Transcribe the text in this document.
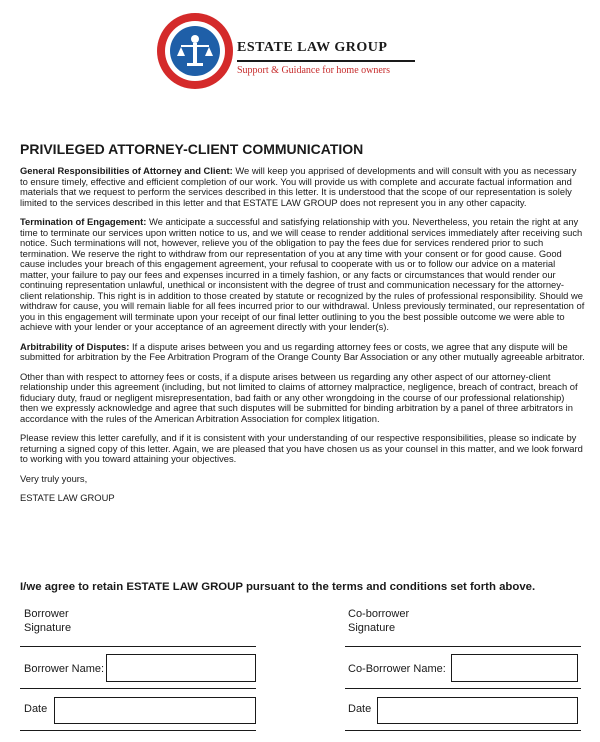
ESTATE LAW GROUP
Support & Guidance for home owners
PRIVILEGED ATTORNEY-CLIENT COMMUNICATION

General Responsibilities of Attorney and Client: We will keep you apprised of developments and will consult with you as necessary to ensure timely, effective and efficient completion of our work. You will provide us with complete and accurate factual information and materials that we request to perform the services described in this letter. It is understood that the scope of our representation is solely limited to the services described in this letter and that ESTATE LAW GROUP does not represent you in any other capacity.

Termination of Engagement: We anticipate a successful and satisfying relationship with you. Nevertheless, you retain the right at any time to terminate our services upon written notice to us, and we will cease to render additional services immediately after receiving such notice. Such terminations will not, however, relieve you of the obligation to pay the fees due for services rendered prior to such termination. We reserve the right to withdraw from our representation of you at any time with your consent or for good cause. Good cause includes your breach of this engagement agreement, your refusal to cooperate with us or to follow our advice on a material matter, your failure to pay our fees and expenses incurred in a timely fashion, or any facts or circumstances that would render our continuing representation unlawful, unethical or inconsistent with the degree of trust and communication necessary for the attorney-client relationship. This right is in addition to those created by statute or recognized by the rules of professional responsibility. Should we withdraw for cause, you will remain liable for all fees incurred prior to our withdrawal. Unless previously terminated, our representation of you in this engagement will terminate upon your receipt of our final letter outlining to you the best possible outcome we were able to achieve with your lender or your acceptance of an agreement directly with your lender(s).

Arbitrability of Disputes: If a dispute arises between you and us regarding attorney fees or costs, we agree that any dispute will be submitted for arbitration by the Fee Arbitration Program of the Orange County Bar Association or any other mutually agreeable arbitrator.

Other than with respect to attorney fees or costs, if a dispute arises between us regarding any other aspect of our attorney-client relationship under this agreement (including, but not limited to claims of attorney malpractice, negligence, breach of contract, breach of fiduciary duty, fraud or negligent misrepresentation, bad faith or any other wrongdoing in the course of our professional relationship) then we expressly acknowledge and agree that such disputes will be submitted for binding arbitration by a panel of three arbitrators in accordance with the rules of the American Arbitration Association for complex litigation.

Please review this letter carefully, and if it is consistent with your understanding of our respective responsibilities, please so indicate by returning a signed copy of this letter. Again, we are pleased that you have chosen us as your counsel in this matter, and we look forward to working with you toward attaining your objectives.

Very truly yours,

ESTATE LAW GROUP

I/we agree to retain ESTATE LAW GROUP pursuant to the terms and conditions set forth above.
Borrower
Signature
Co-borrower
Signature
Borrower Name:	Co-Borrower Name:
Date	Date
